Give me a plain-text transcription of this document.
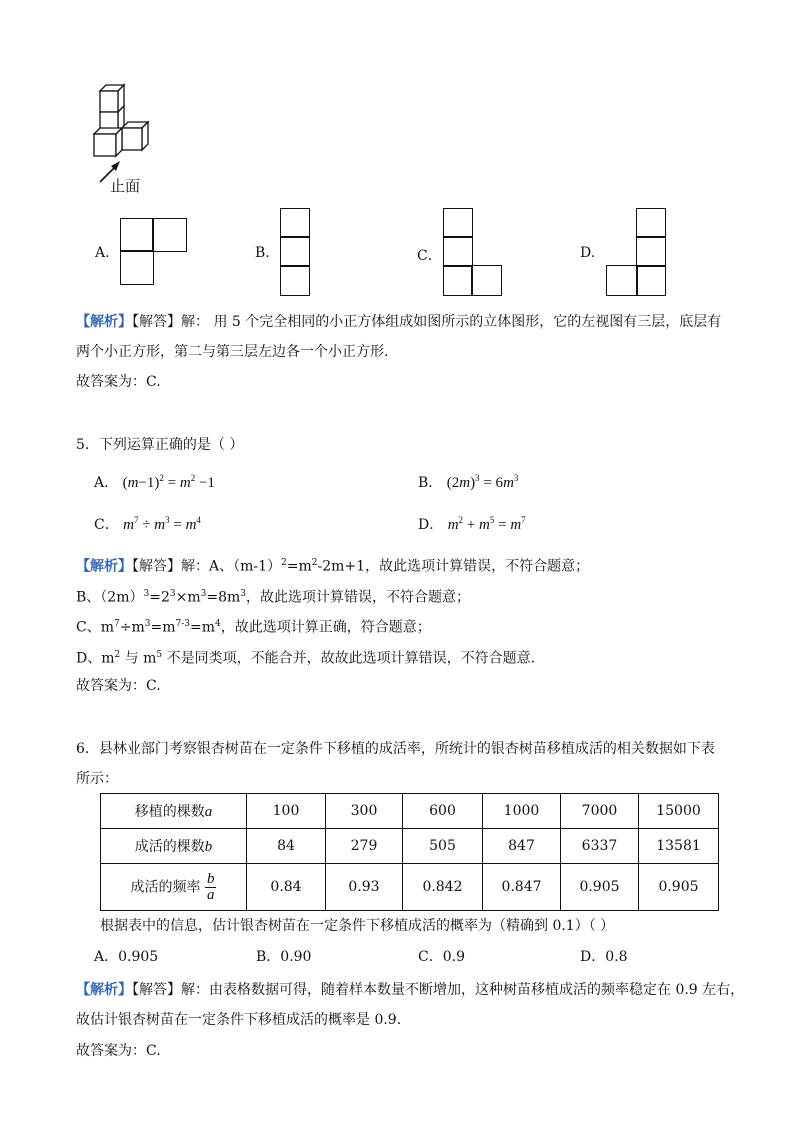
止面
A.	B.	C．	D.
【解析】【解答】解： 用 5 个完全相同的小正方体组成如图所示的立体图形，它的左视图有三层，底层有
两个小正方形，第二与第三层左边各一个小正方形.
故答案为：C.
5．下列运算正确的是（ ）
A． $(m-1)^2 = m^2 -1$	B． $(2m)^3 = 6m^3$
C． $m^7 \div m^3 = m^4$	D． $m^2 + m^5 = m^7$
【解析】【解答】解：A、$(m-1)^2=m^2-2m+1$，故此选项计算错误，不符合题意；
B、$(2m)^3=2^3\times m^3=8m^3$，故此选项计算错误，不符合题意；
C、$m^7\div m^3=m^{7-3}=m^4$，故此选项计算正确，符合题意；
D、$m^2$ 与 $m^5$ 不是同类项，不能合并，故故此选项计算错误，不符合题意.
故答案为：C.
6．县林业部门考察银杏树苗在一定条件下移植的成活率，所统计的银杏树苗移植成活的相关数据如下表
所示：
移植的棵数a	100	300	600	1000	7000	15000
成活的棵数b	84	279	505	847	6337	13581
成活的频率 $\frac{b}{a}$	0.84	0.93	0.842	0.847	0.905	0.905
根据表中的信息，估计银杏树苗在一定条件下移植成活的概率为（精确到 0.1）（ ）
A．0.905	B．0.90	C．0.9	D．0.8
【解析】【解答】解：由表格数据可得，随着样本数量不断增加，这种树苗移植成活的频率稳定在 0.9 左右，
故估计银杏树苗在一定条件下移植成活的概率是 0.9.
故答案为：C.
